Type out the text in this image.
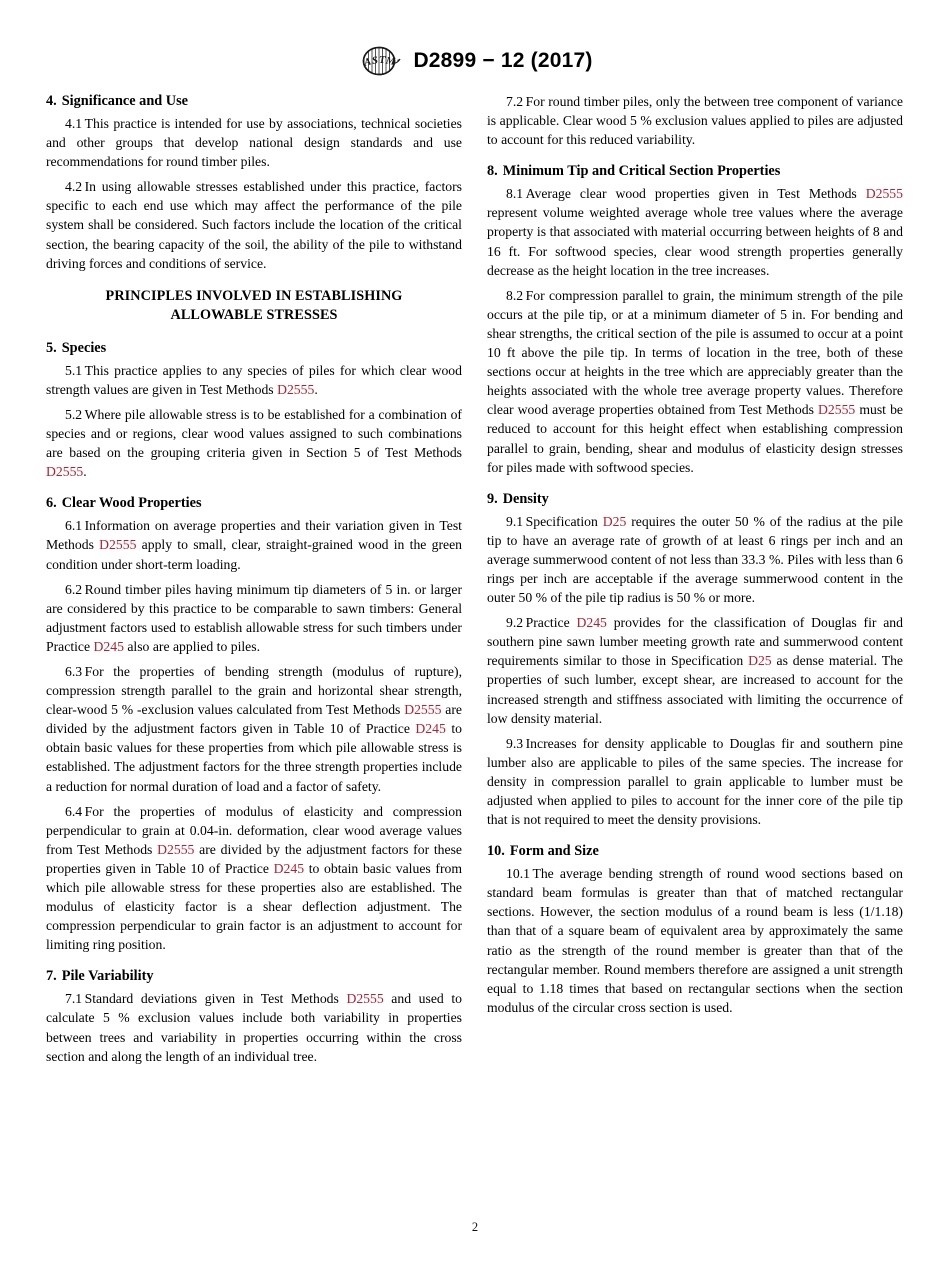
A
S T M D2899 − 12 (2017)
4. Significance and Use

4.1 This practice is intended for use by associations, technical societies and other groups that develop national design standards and use recommendations for round timber piles.

4.2 In using allowable stresses established under this practice, factors specific to each end use which may affect the performance of the pile system shall be considered. Such factors include the location of the critical section, the bearing capacity of the soil, the ability of the pile to withstand driving forces and conditions of service.

PRINCIPLES INVOLVED IN ESTABLISHING
ALLOWABLE STRESSES
5. Species

5.1 This practice applies to any species of piles for which clear wood strength values are given in Test Methods D2555.

5.2 Where pile allowable stress is to be established for a combination of species and or regions, clear wood values assigned to such combinations are based on the grouping criteria given in Section 5 of Test Methods D2555.

6. Clear Wood Properties

6.1 Information on average properties and their variation given in Test Methods D2555 apply to small, clear, straight-grained wood in the green condition under short-term loading.

6.2 Round timber piles having minimum tip diameters of 5 in. or larger are considered by this practice to be comparable to sawn timbers: General adjustment factors used to establish allowable stress for such timbers under Practice D245 also are applied to piles.

6.3 For the properties of bending strength (modulus of rupture), compression strength parallel to the grain and horizontal shear strength, clear-wood 5 % -exclusion values calculated from Test Methods D2555 are divided by the adjustment factors given in Table 10 of Practice D245 to obtain basic values for these properties from which pile allowable stress is established. The adjustment factors for the three strength properties include a reduction for normal duration of load and a factor of safety.

6.4 For the properties of modulus of elasticity and compression perpendicular to grain at 0.04-in. deformation, clear wood average values from Test Methods D2555 are divided by the adjustment factors for these properties given in Table 10 of Practice D245 to obtain basic values from which pile allowable stress for these properties also are established. The modulus of elasticity factor is a shear deflection adjustment. The compression perpendicular to grain factor is an adjustment to account for limiting ring position.

7. Pile Variability

7.1 Standard deviations given in Test Methods D2555 and used to calculate 5 % exclusion values include both variability in properties between trees and variability in properties occurring within the cross section and along the length of an individual tree.

7.2 For round timber piles, only the between tree component of variance is applicable. Clear wood 5 % exclusion values applied to piles are adjusted to account for this reduced variability.

8. Minimum Tip and Critical Section Properties

8.1 Average clear wood properties given in Test Methods D2555 represent volume weighted average whole tree values where the average property is that associated with material occurring between heights of 8 and 16 ft. For softwood species, clear wood strength properties generally decrease as the height location in the tree increases.

8.2 For compression parallel to grain, the minimum strength of the pile occurs at the pile tip, or at a minimum diameter of 5 in. For bending and shear strengths, the critical section of the pile is assumed to occur at a point 10 ft above the pile tip. In terms of location in the tree, both of these sections occur at heights in the tree which are appreciably greater than the heights associated with the whole tree average property values. Therefore clear wood average properties obtained from Test Methods D2555 must be reduced to account for this height effect when establishing compression parallel to grain, bending, shear and modulus of elasticity design stresses for piles made with softwood species.

9. Density

9.1 Specification D25 requires the outer 50 % of the radius at the pile tip to have an average rate of growth of at least 6 rings per inch and an average summerwood content of not less than 33.3 %. Piles with less than 6 rings per inch are acceptable if the average summerwood content in the outer 50 % of the pile tip radius is 50 % or more.

9.2 Practice D245 provides for the classification of Douglas fir and southern pine sawn lumber meeting growth rate and summerwood content requirements similar to those in Specification D25 as dense material. The properties of such lumber, except shear, are increased to account for the increased strength and stiffness associated with limiting the occurrence of low density material.

9.3 Increases for density applicable to Douglas fir and southern pine lumber also are applicable to piles of the same species. The increase for density in compression parallel to grain applicable to lumber must be adjusted when applied to piles to account for the inner core of the pile tip that is not required to meet the density provisions.

10. Form and Size

10.1 The average bending strength of round wood sections based on standard beam formulas is greater than that of matched rectangular sections. However, the section modulus of a round beam is less (1/1.18) than that of a square beam of equivalent area by approximately the same ratio as the strength of the round member is greater than that of the rectangular member. Round members therefore are assigned a unit strength equal to 1.18 times that based on rectangular sections when the section modulus of the circular cross section is used.

2
